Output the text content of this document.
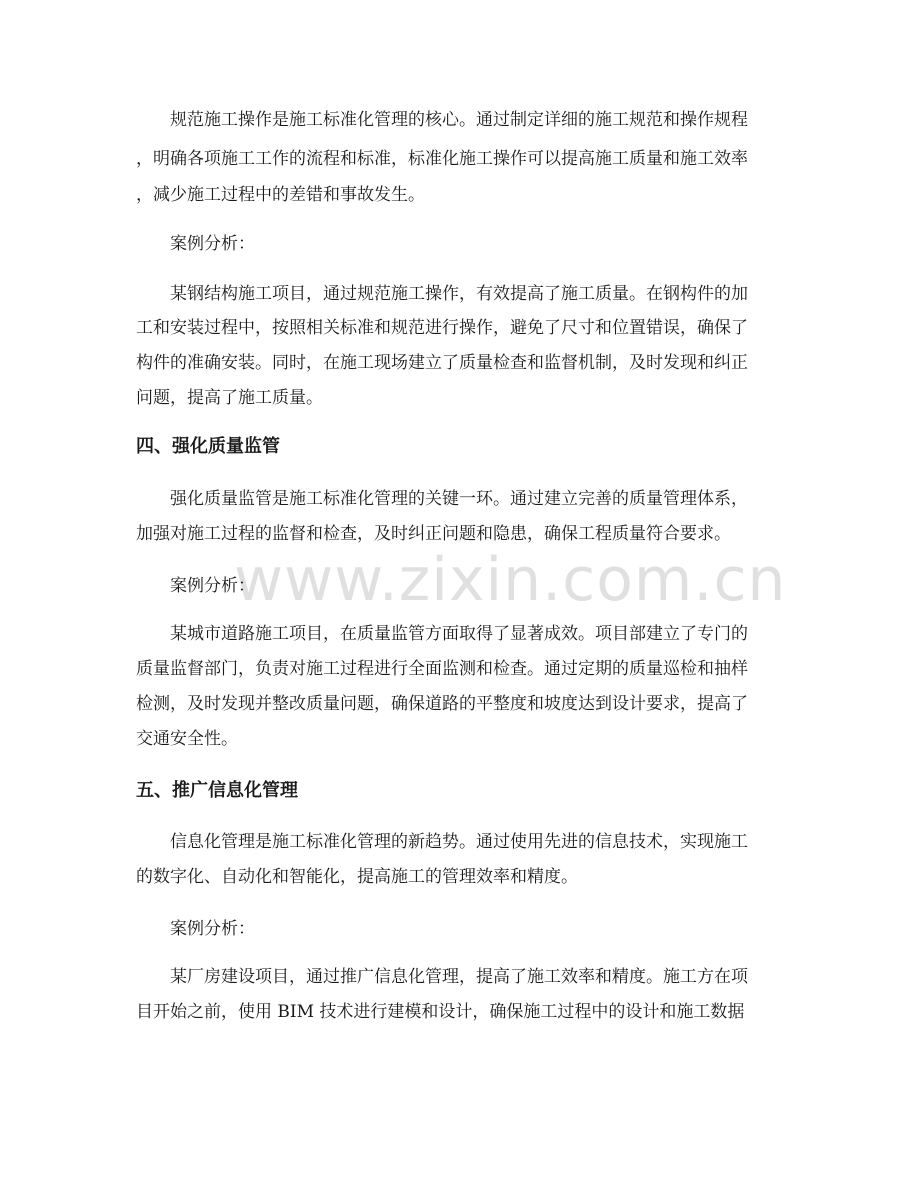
www.zixin.com.cn
规范施工操作是施工标准化管理的核心。通过制定详细的施工规范和操作规程
，明确各项施工工作的流程和标准，标准化施工操作可以提高施工质量和施工效率
，减少施工过程中的差错和事故发生。
案例分析：
某钢结构施工项目，通过规范施工操作，有效提高了施工质量。在钢构件的加
工和安装过程中，按照相关标准和规范进行操作，避免了尺寸和位置错误，确保了
构件的准确安装。同时，在施工现场建立了质量检查和监督机制，及时发现和纠正
问题，提高了施工质量。
四、强化质量监管
强化质量监管是施工标准化管理的关键一环。通过建立完善的质量管理体系，
加强对施工过程的监督和检查，及时纠正问题和隐患，确保工程质量符合要求。
案例分析：
某城市道路施工项目，在质量监管方面取得了显著成效。项目部建立了专门的
质量监督部门，负责对施工过程进行全面监测和检查。通过定期的质量巡检和抽样
检测，及时发现并整改质量问题，确保道路的平整度和坡度达到设计要求，提高了
交通安全性。
五、推广信息化管理
信息化管理是施工标准化管理的新趋势。通过使用先进的信息技术，实现施工
的数字化、自动化和智能化，提高施工的管理效率和精度。
案例分析：
某厂房建设项目，通过推广信息化管理，提高了施工效率和精度。施工方在项
目开始之前，使用 BIM 技术进行建模和设计，确保施工过程中的设计和施工数据
